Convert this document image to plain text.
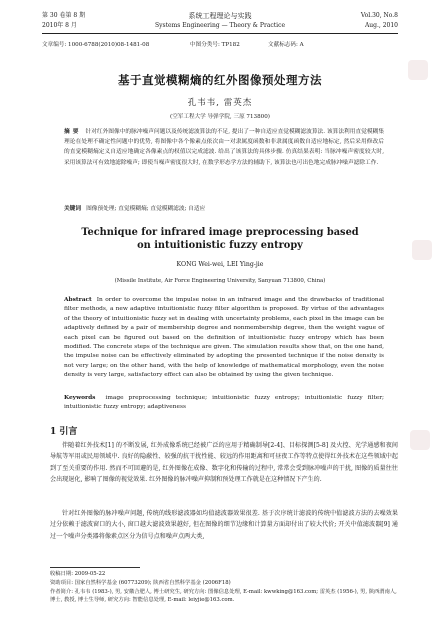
第 30 卷第 8 期
2010年 8 月
系统工程理论与实践
Systems Engineering — Theory & Practice
Vol.30, No.8
Aug., 2010
文章编号: 1000-6788(2010)08-1481-08	中图分类号: TP182	文献标志码: A
基于直觉模糊熵的红外图像预处理方法
孔韦韦, 雷英杰
(空军工程大学 导弹学院, 三原 713800)
摘要 针对红外图像中的脉冲噪声问题以及传统滤波算法的不足, 提出了一种自适应直觉模糊滤波算法. 该算法利用直觉模糊集理论在处理不确定性问题中的优势, 将图像中各个像素点依次由一对隶属度函数和非隶属度函数自适应地标定, 然后采用修改后的直觉模糊熵定义自适应地确定各像素点的权值以完成滤波. 给出了该算法的具体步骤. 仿真结果表明: 当脉冲噪声密度较大时, 采用该算法可有效地滤除噪声; 即使当噪声密度很大时, 在数学形态学方法的辅助下, 该算法也可出色地完成脉冲噪声滤除工作.
关键词 图像预处理; 直觉模糊熵; 直觉模糊滤波; 自适应
Technique for infrared image preprocessing based
on intuitionistic fuzzy entropy
KONG Wei-wei, LEI Ying-jie
(Missile Institute, Air Force Engineering University, Sanyuan 713800, China)
Abstract In order to overcome the impulse noise in an infrared image and the drawbacks of traditional filter methods, a new adaptive intuitionistic fuzzy filter algorithm is proposed. By virtue of the advantages of the theory of intuitionistic fuzzy set in dealing with uncertainty problems, each pixel in the image can be adaptively defined by a pair of membership degree and nonmembership degree, then the weight vague of each pixel can be figured out based on the definition of intuitionistic fuzzy entropy which has been modified. The concrete steps of the technique are given. The simulation results show that, on the one hand, the impulse noise can be effectively eliminated by adopting the presented technique if the noise density is not very large; on the other hand, with the help of knowledge of mathematical morphology, even the noise density is very large, satisfactory effect can also be obtained by using the given technique.
Keywords image preprocessing technique; intuitionistic fuzzy entropy; intuitionistic fuzzy filter; intuitionistic fuzzy entropy; adaptiveness
1 引言

伴随着红外技术[1] 的不断发展, 红外成像系统已经被广泛的应用于精确制导[2-4]、目标探测[5-8] 及火控、光学通感和夜间导航等军用或民用领域中. 良好的隐蔽性、较强的抗干扰性能、较远的作用距离和可昼夜工作等特点使得红外技术在这些领域中起到了至关重要的作用. 然而不可回避的是, 红外图像在成像、数字化和传输的过程中, 常常会受到脉冲噪声的干扰, 图像的质量往往会出现退化, 影响了图像的视觉效果. 红外图像的脉冲噪声抑制和预处理工作就是在这种情况下产生的.

针对红外图像的脉冲噪声问题, 传统的线形滤波器如均值滤波器效果很差. 基于次序统计滤波的传统中值滤波方法的去噪效果过分依赖于滤波窗口的大小, 窗口越大滤波效果越好, 但在图像的细节边缘和计算量方面却付出了较大代价; 开关中值滤波器[9] 通过一个噪声分类器将像素点区分为信号点和噪声点两大类,

收稿日期: 2009-05-22
资助项目: 国家自然科学基金 (60773209); 陕西省自然科学基金 (2006F18)
作者简介: 孔韦韦 (1983-), 男, 安徽合肥人, 博士研究生, 研究方向: 图像信息处理, E-mail: kwwking@163.com; 雷英杰 (1956-), 男, 陕西渭南人, 博士, 教授, 博士生导师, 研究方向: 智能信息处理, E-mail: leiyjie@163.com.
